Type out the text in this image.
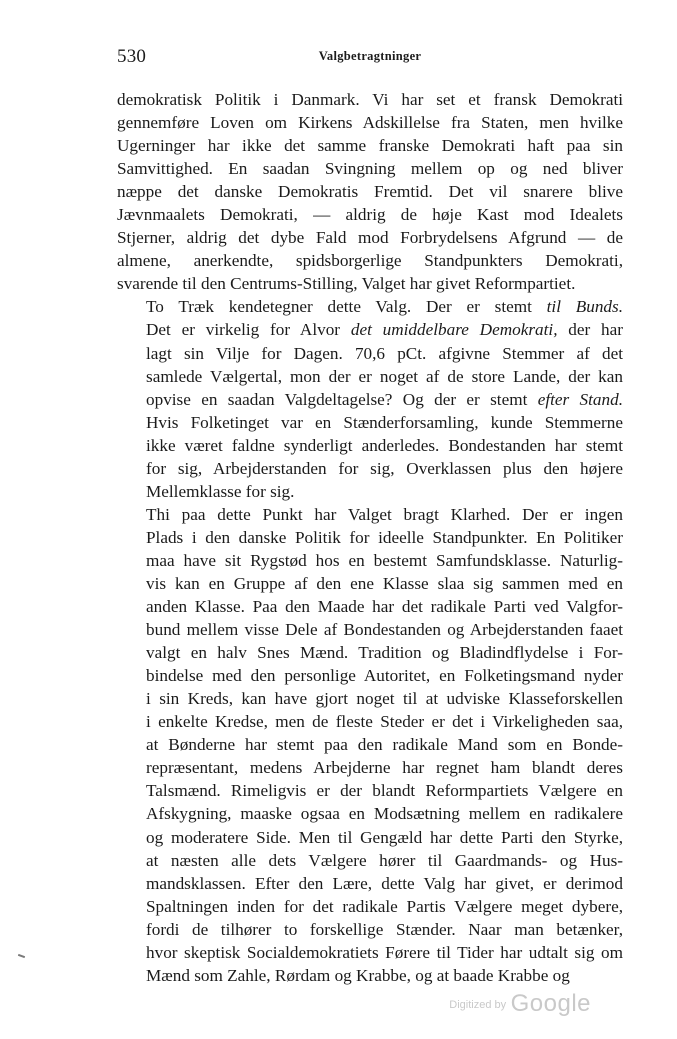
530	Valgbetragtninger

demokratisk Politik i Danmark. Vi har set et fransk Demokrati
gennemføre Loven om Kirkens Adskillelse fra Staten, men hvilke
Ugerninger har ikke det samme franske Demokrati haft paa sin
Samvittighed. En saadan Svingning mellem op og ned bliver
næppe det danske Demokratis Fremtid. Det vil snarere blive
Jævnmaalets Demokrati, — aldrig de høje Kast mod Idealets
Stjerner, aldrig det dybe Fald mod Forbrydelsens Afgrund — de
almene, anerkendte, spidsborgerlige Standpunkters Demokrati,
svarende til den Centrums-Stilling, Valget har givet Reformpartiet.

To Træk kendetegner dette Valg. Der er stemt til Bunds.
Det er virkelig for Alvor det umiddelbare Demokrati, der har
lagt sin Vilje for Dagen. 70,6 pCt. afgivne Stemmer af det
samlede Vælgertal, mon der er noget af de store Lande, der kan
opvise en saadan Valgdeltagelse? Og der er stemt efter Stand.
Hvis Folketinget var en Stænderforsamling, kunde Stemmerne
ikke været faldne synderligt anderledes. Bondestanden har stemt
for sig, Arbejderstanden for sig, Overklassen plus den højere
Mellemklasse for sig.

Thi paa dette Punkt har Valget bragt Klarhed. Der er ingen
Plads i den danske Politik for ideelle Standpunkter. En Politiker
maa have sit Rygstød hos en bestemt Samfundsklasse. Naturlig-
vis kan en Gruppe af den ene Klasse slaa sig sammen med en
anden Klasse. Paa den Maade har det radikale Parti ved Valgfor-
bund mellem visse Dele af Bondestanden og Arbejderstanden faaet
valgt en halv Snes Mænd. Tradition og Bladindflydelse i For-
bindelse med den personlige Autoritet, en Folketingsmand nyder
i sin Kreds, kan have gjort noget til at udviske Klasseforskellen
i enkelte Kredse, men de fleste Steder er det i Virkeligheden saa,
at Bønderne har stemt paa den radikale Mand som en Bonde-
repræsentant, medens Arbejderne har regnet ham blandt deres
Talsmænd. Rimeligvis er der blandt Reformpartiets Vælgere en
Afskygning, maaske ogsaa en Modsætning mellem en radikalere
og moderatere Side. Men til Gengæld har dette Parti den Styrke,
at næsten alle dets Vælgere hører til Gaardmands- og Hus-
mandsklassen. Efter den Lære, dette Valg har givet, er derimod
Spaltningen inden for det radikale Partis Vælgere meget dybere,
fordi de tilhører to forskellige Stænder. Naar man betænker,
hvor skeptisk Socialdemokratiets Førere til Tider har udtalt sig om
Mænd som Zahle, Rørdam og Krabbe, og at baade Krabbe og

Digitized by Google
